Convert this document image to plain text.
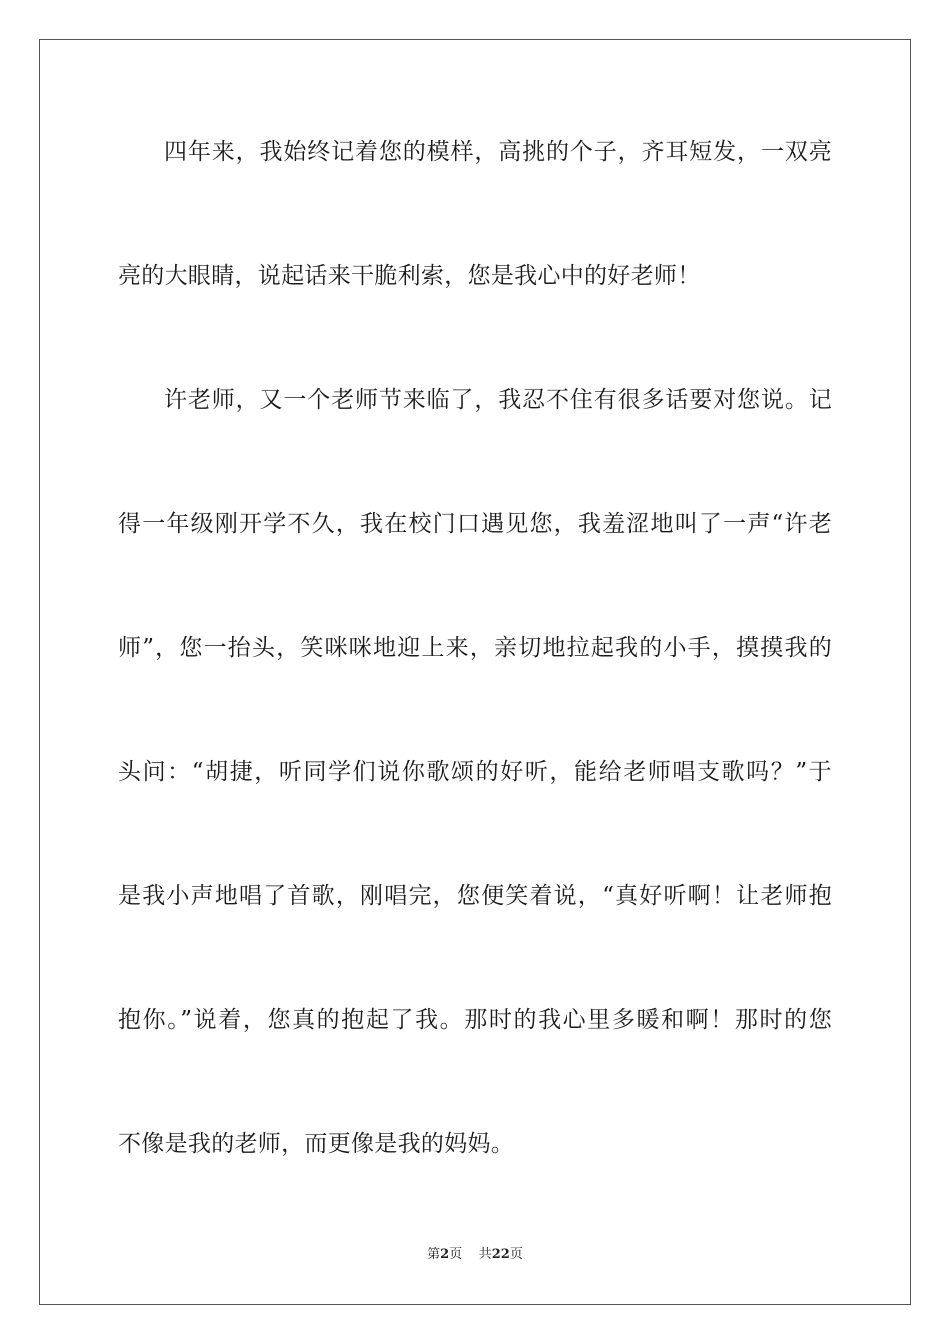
四年来，我始终记着您的模样，高挑的个子，齐耳短发，一双亮
亮的大眼睛，说起话来干脆利索，您是我心中的好老师！
许老师，又一个老师节来临了，我忍不住有很多话要对您说。记
得一年级刚开学不久，我在校门口遇见您，我羞涩地叫了一声“许老
师”，您一抬头，笑咪咪地迎上来，亲切地拉起我的小手，摸摸我的
头问：“胡捷，听同学们说你歌颂的好听，能给老师唱支歌吗？”于
是我小声地唱了首歌，刚唱完，您便笑着说，“真好听啊！让老师抱
抱你。”说着，您真的抱起了我。那时的我心里多暖和啊！那时的您
不像是我的老师，而更像是我的妈妈。
第2页 共22页
